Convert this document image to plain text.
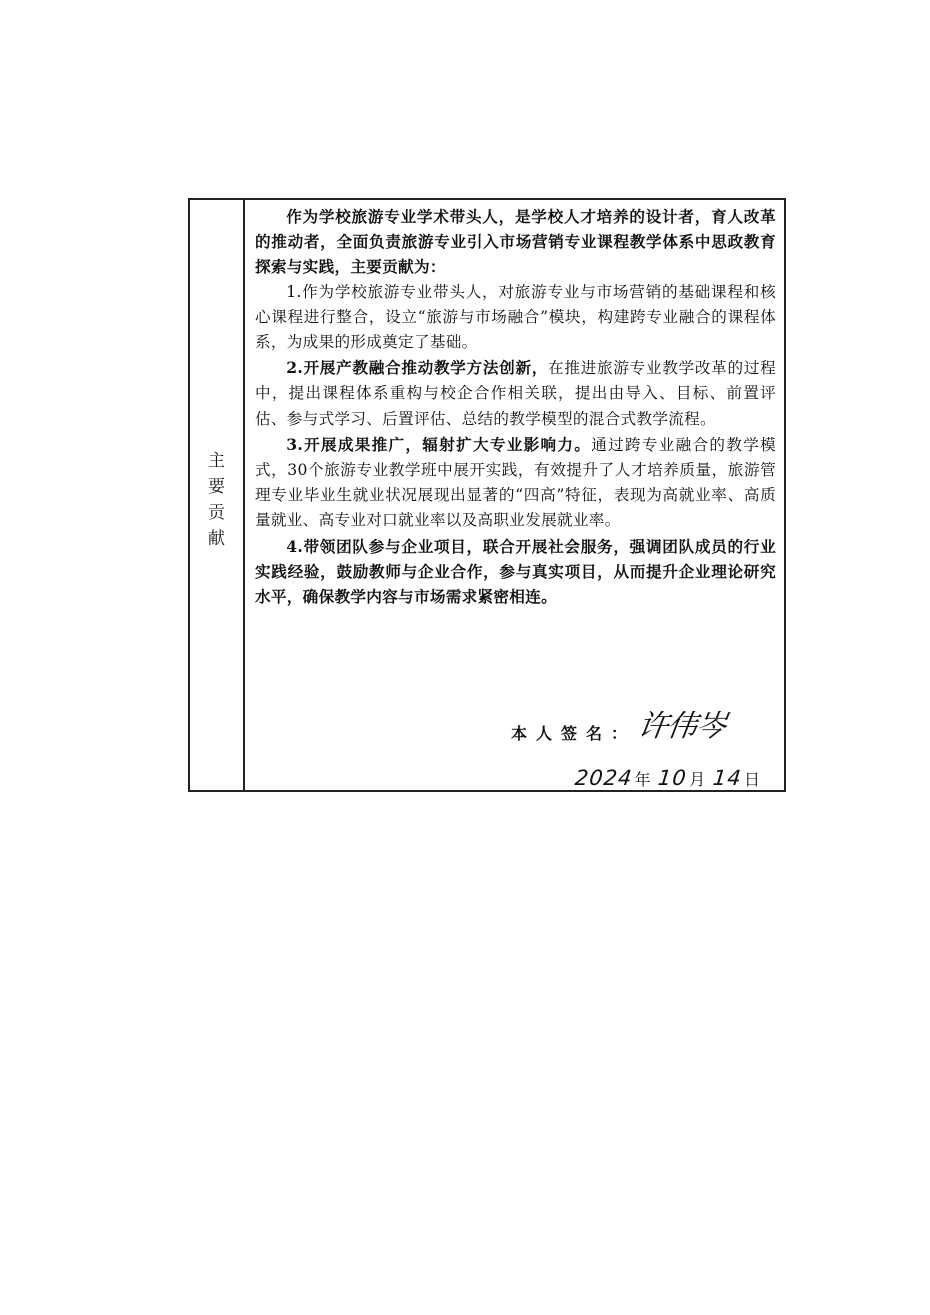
主要贡献

作为学校旅游专业学术带头人，是学校人才培养的设计者，育人改革的推动者，全面负责旅游专业引入市场营销专业课程教学体系中思政教育探索与实践，主要贡献为：

1.作为学校旅游专业带头人，对旅游专业与市场营销的基础课程和核心课程进行整合，设立“旅游与市场融合”模块，构建跨专业融合的课程体系，为成果的形成奠定了基础。

2.开展产教融合推动教学方法创新，在推进旅游专业教学改革的过程中，提出课程体系重构与校企合作相关联，提出由导入、目标、前置评估、参与式学习、后置评估、总结的教学模型的混合式教学流程。

3.开展成果推广，辐射扩大专业影响力。通过跨专业融合的教学模式，30个旅游专业教学班中展开实践，有效提升了人才培养质量，旅游管理专业毕业生就业状况展现出显著的“四高”特征，表现为高就业率、高质量就业、高专业对口就业率以及高职业发展就业率。

4.带领团队参与企业项目，联合开展社会服务，强调团队成员的行业实践经验，鼓励教师与企业合作，参与真实项目，从而提升企业理论研究水平，确保教学内容与市场需求紧密相连。

本人签名： 许伟岑
2024 年 10 月 14 日
